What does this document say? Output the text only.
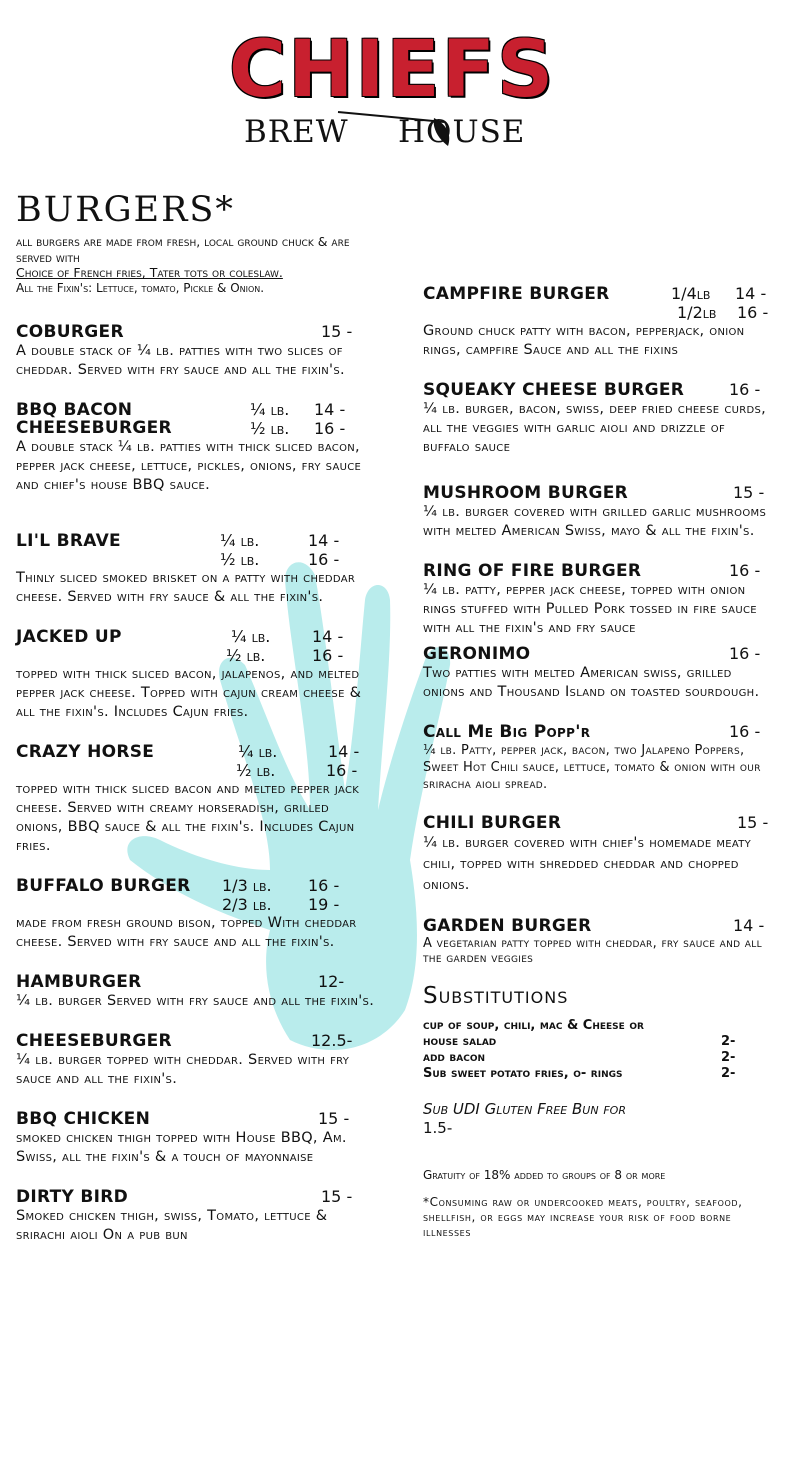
CHIEFS
BREW HOUSE
BURGERS*
all burgers are made from fresh, local ground chuck & are served with
Choice of French fries, Tater tots or coleslaw.
All the Fixin's: Lettuce, tomato, Pickle & Onion.
COBURGER	15 -
A double stack of ¼ lb. patties with two slices of cheddar. Served with fry sauce and all the fixin's.
BBQ BACON
CHEESEBURGER
¼ lb. 14 -
½ lb. 16 -
A double stack ¼ lb. patties with thick sliced bacon, pepper jack cheese, lettuce, pickles, onions, fry sauce and chief's house BBQ sauce.
LI'L BRAVE	¼ lb.	14 -
½ lb.	16 -
Thinly sliced smoked brisket on a patty with cheddar cheese. Served with fry sauce & all the fixin's.
JACKED UP	¼ lb.	14 -
½ lb.	16 -
topped with thick sliced bacon, jalapenos, and melted pepper jack cheese. Topped with cajun cream cheese & all the fixin's. Includes Cajun fries.
CRAZY HORSE	¼ lb.	14 -
½ lb.	16 -
topped with thick sliced bacon and melted pepper jack cheese. Served with creamy horseradish, grilled onions, BBQ sauce & all the fixin's. Includes Cajun fries.
BUFFALO BURGER 1/3 lb. 16 -
2/3 lb. 19 -
made from fresh ground bison, topped With cheddar cheese. Served with fry sauce and all the fixin's.
HAMBURGER	12-
¼ lb. burger Served with fry sauce and all the fixin's.
CHEESEBURGER	12.5-
¼ lb. burger topped with cheddar. Served with fry sauce and all the fixin's.
BBQ CHICKEN	15 -
smoked chicken thigh topped with House BBQ, Am. Swiss, all the fixin's & a touch of mayonnaise
DIRTY BIRD	15 -
Smoked chicken thigh, swiss, Tomato, lettuce & srirachi aioli On a pub bun
CAMPFIRE BURGER	1/4lb 14 -
1/2lb 16 -
Ground chuck patty with bacon, pepperjack, onion rings, campfire Sauce and all the fixins
SQUEAKY CHEESE BURGER	16 -
¼ lb. burger, bacon, swiss, deep fried cheese curds, all the veggies with garlic aioli and drizzle of buffalo sauce
MUSHROOM BURGER	15 -
¼ lb. burger covered with grilled garlic mushrooms with melted American Swiss, mayo & all the fixin's.
RING OF FIRE BURGER	16 -
¼ lb. patty, pepper jack cheese, topped with onion rings stuffed with Pulled Pork tossed in fire sauce with all the fixin's and fry sauce
GERONIMO	16 -
Two patties with melted American swiss, grilled onions and Thousand Island on toasted sourdough.
Call Me Big Popp'r	16 -
¼ lb. Patty, pepper jack, bacon, two Jalapeno Poppers, Sweet Hot Chili sauce, lettuce, tomato & onion with our sriracha aioli spread.
CHILI BURGER	15 -
¼ lb. burger covered with chief's homemade meaty chili, topped with shredded cheddar and chopped onions.
GARDEN BURGER	14 -
A vegetarian patty topped with cheddar, fry sauce and all the garden veggies
Substitutions
cup of soup, chili, mac & Cheese or
house salad	2-
add bacon	2-
Sub sweet potato fries, o- rings	2-
Sub UDI Gluten Free Bun for
1.5-
Gratuity of 18% added to groups of 8 or more
*Consuming raw or undercooked meats, poultry, seafood, shellfish, or eggs may increase your risk of food borne illnesses
